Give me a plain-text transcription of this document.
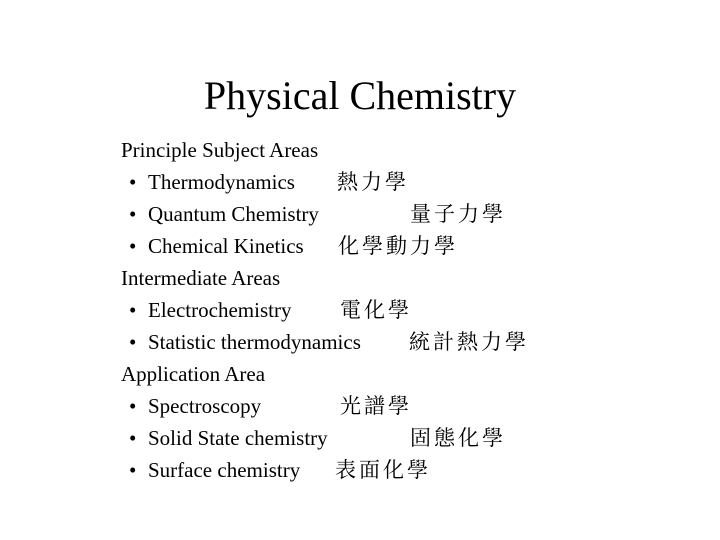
Physical Chemistry
Principle Subject Areas
• Thermodynamics 熱力學
• Quantum Chemistry	量子力學
• Chemical Kinetics 化學動力學
Intermediate Areas
• Electrochemistry 電化學
• Statistic thermodynamics 統計熱力學
Application Area
• Spectroscopy	光譜學
• Solid State chemistry	固態化學
• Surface chemistry 表面化學
